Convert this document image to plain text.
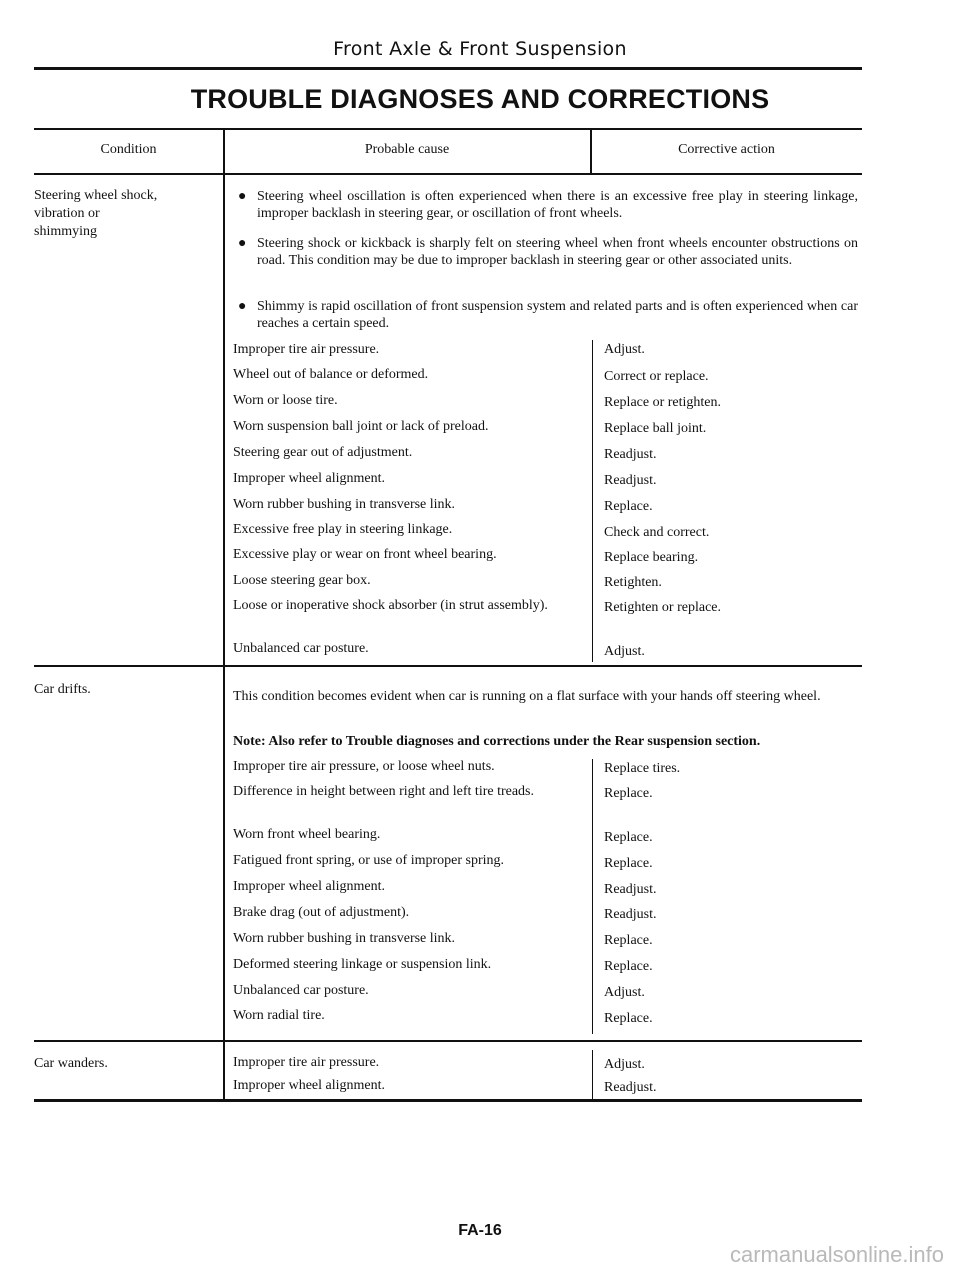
Front Axle & Front Suspension
TROUBLE DIAGNOSES AND CORRECTIONS
Condition	Probable cause	Corrective action
Steering wheel shock,
vibration or
shimmying
● Steering wheel oscillation is often experienced when there is an excessive free play in steering linkage, improper backlash in steering gear, or oscillation of front wheels.
● Steering shock or kickback is sharply felt on steering wheel when front wheels encounter obstructions on road. This condition may be due to improper backlash in steering gear or other associated units.
● Shimmy is rapid oscillation of front suspension system and related parts and is often experienced when car reaches a certain speed.
Improper tire air pressure.	Adjust.
Wheel out of balance or deformed.	Correct or replace.
Worn or loose tire.	Replace or retighten.
Worn suspension ball joint or lack of preload.	Replace ball joint.
Steering gear out of adjustment.	Readjust.
Improper wheel alignment.	Readjust.
Worn rubber bushing in transverse link.	Replace.
Excessive free play in steering linkage.	Check and correct.
Excessive play or wear on front wheel bearing.	Replace bearing.
Loose steering gear box.	Retighten.
Loose or inoperative shock absorber (in strut assembly).	Retighten or replace.
Unbalanced car posture.	Adjust.
Car drifts.	This condition becomes evident when car is running on a flat surface with your hands off steering wheel.
Note: Also refer to Trouble diagnoses and corrections under the Rear suspension section.
Improper tire air pressure, or loose wheel nuts.	Replace tires.
Difference in height between right and left tire treads.	Replace.
Worn front wheel bearing.	Replace.
Fatigued front spring, or use of improper spring.	Replace.
Improper wheel alignment.	Readjust.
Brake drag (out of adjustment).	Readjust.
Worn rubber bushing in transverse link.	Replace.
Deformed steering linkage or suspension link.	Replace.
Unbalanced car posture.	Adjust.
Worn radial tire.	Replace.
Car wanders.	Improper tire air pressure.	Adjust.
Improper wheel alignment.	Readjust.
FA-16
carmanualsonline.info
